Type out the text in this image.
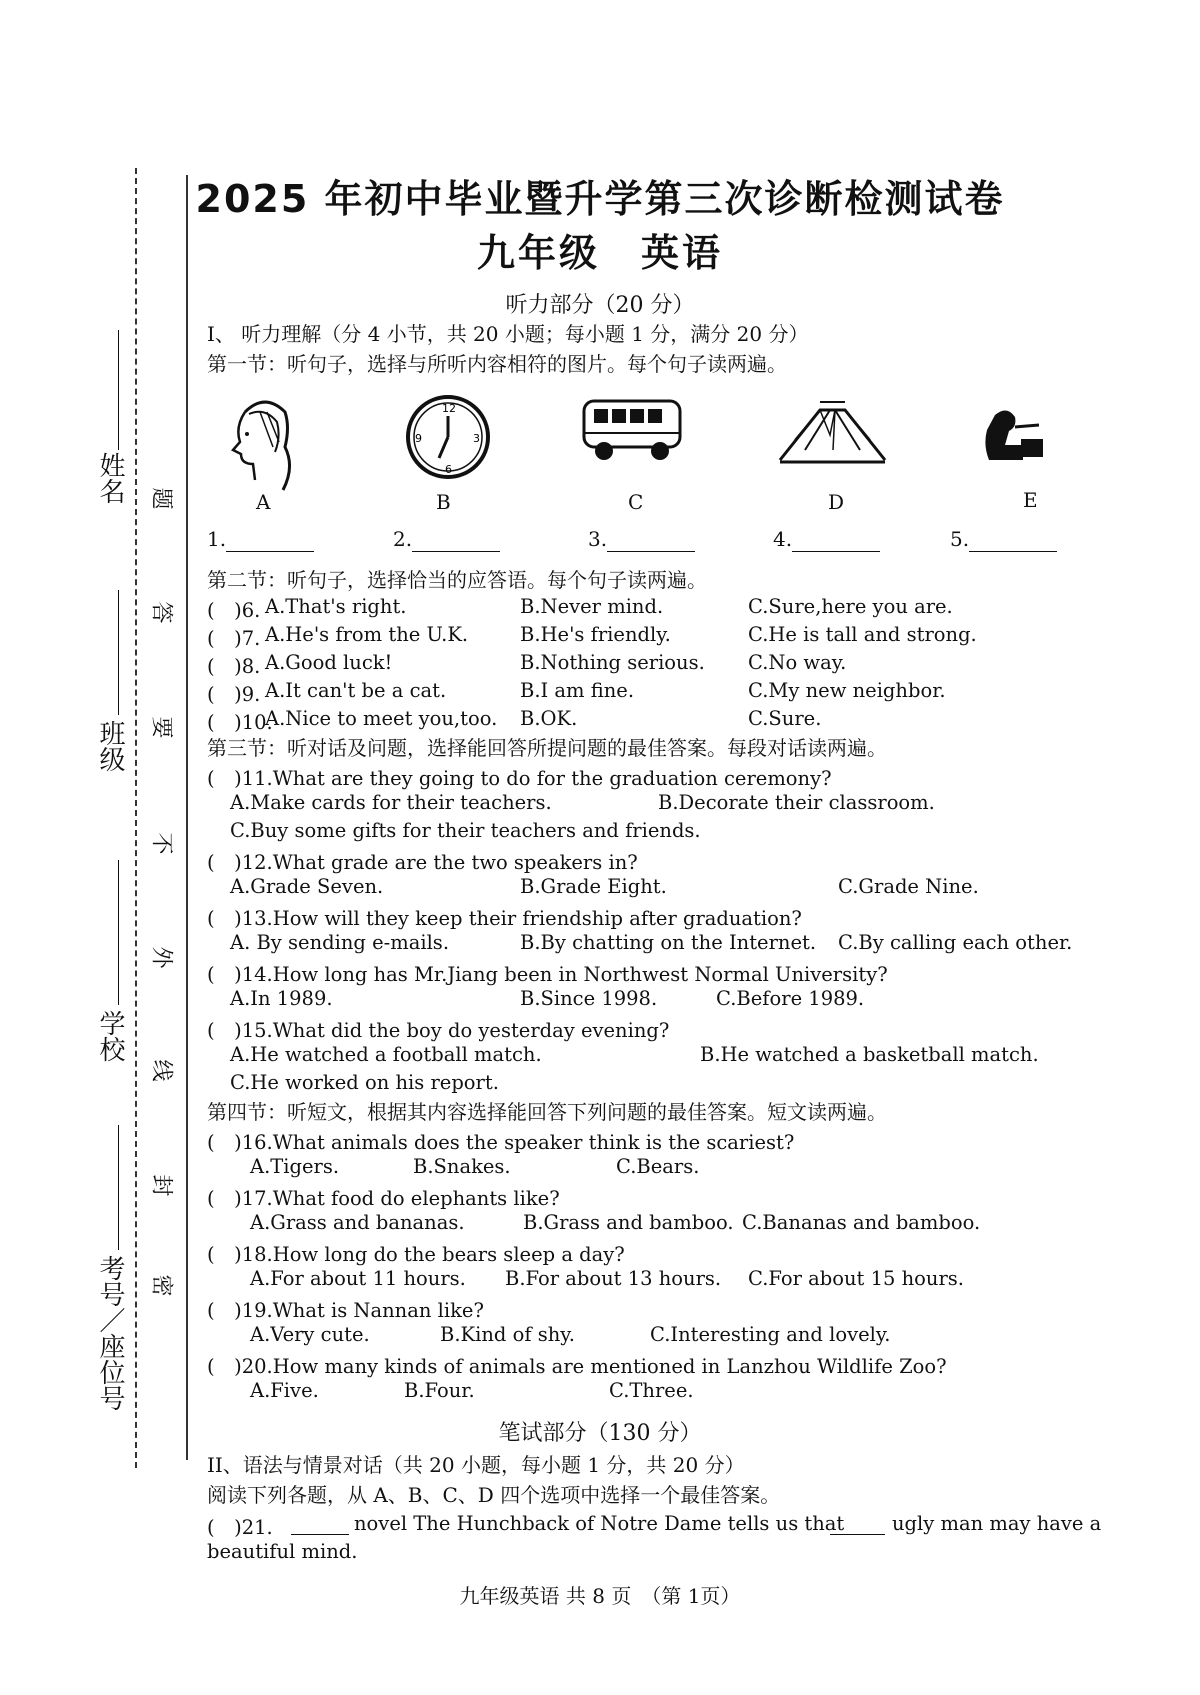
姓名
班级
学校
考号／座位号
题
答
要
不
外
线
封
密
2025 年初中毕业暨升学第三次诊断检测试卷
九年级　英语
听力部分（20 分）
I、 听力理解（分 4 小节，共 20 小题；每小题 1 分，满分 20 分）
第一节：听句子，选择与所听内容相符的图片。每个句子读两遍。
12
3
6
9
A	B	C	D	E
1.	2.	3.	4.	5.
第二节：听句子，选择恰当的应答语。每个句子读两遍。
(　)6. A.That's right.	B.Never mind.	C.Sure,here you are.
(　)7. A.He's from the U.K.	B.He's friendly.	C.He is tall and strong.
(　)8. A.Good luck!	B.Nothing serious. C.No way.
(　)9. A.It can't be a cat.	B.I am fine.	C.My new neighbor.
(　)10.
A.Nice to meet you,too. B.OK.	C.Sure.
第三节：听对话及问题，选择能回答所提问题的最佳答案。每段对话读两遍。
(　)11.What are they going to do for the graduation ceremony?
A.Make cards for their teachers.	B.Decorate their classroom.
C.Buy some gifts for their teachers and friends.
(　)12.What grade are the two speakers in?
A.Grade Seven.	B.Grade Eight.	C.Grade Nine.
(　)13.How will they keep their friendship after graduation?
A. By sending e-mails.	B.By chatting on the Internet. C.By calling each other.
(　)14.How long has Mr.Jiang been in Northwest Normal University?
A.In 1989.	B.Since 1998.	C.Before 1989.
(　)15.What did the boy do yesterday evening?
A.He watched a football match.	B.He watched a basketball match.
C.He worked on his report.
第四节：听短文，根据其内容选择能回答下列问题的最佳答案。短文读两遍。
(　)16.What animals does the speaker think is the scariest?
A.Tigers.	B.Snakes.	C.Bears.
(　)17.What food do elephants like?
A.Grass and bananas.	B.Grass and bamboo. C.Bananas and bamboo.
(　)18.How long do the bears sleep a day?
A.For about 11 hours. B.For about 13 hours. C.For about 15 hours.
(　)19.What is Nannan like?
A.Very cute.	B.Kind of shy.	C.Interesting and lovely.
(　)20.How many kinds of animals are mentioned in Lanzhou Wildlife Zoo?
A.Five.	B.Four.	C.Three.
笔试部分（130 分）
II、语法与情景对话（共 20 小题，每小题 1 分，共 20 分）
阅读下列各题，从 A、B、C、D 四个选项中选择一个最佳答案。
(　)21.	novel The Hunchback of Notre Dame tells us that ugly man may have a
beautiful mind.
九年级英语 共 8 页　（第 1页）
